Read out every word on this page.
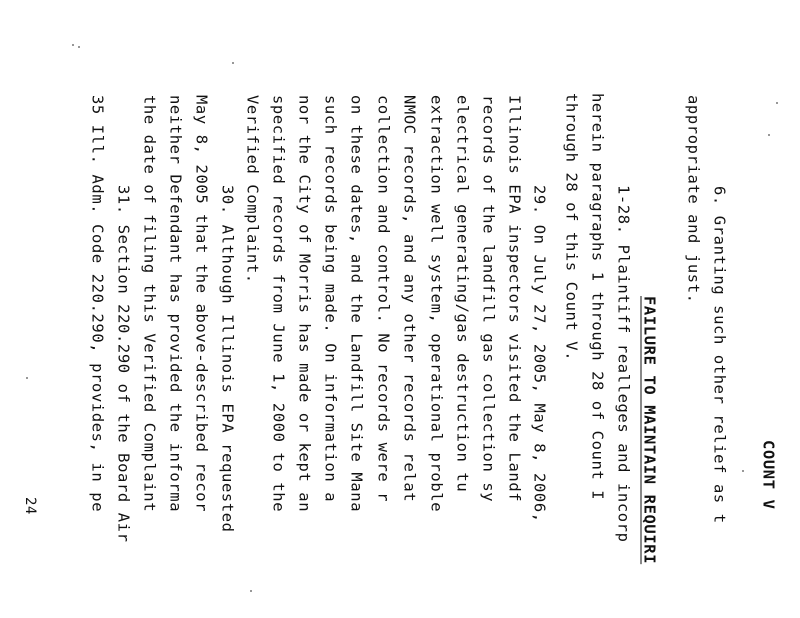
COUNT V
FAILURE TO MAINTAIN REQUIRI	6. Granting such other relief as t
appropriate and just.
1-28. Plaintiff realleges and incorp
herein paragraphs 1 through 28 of Count I
through 28 of this Count V.
29. On July 27, 2005, May 8, 2006,
Illinois EPA inspectors visited the Landf
records of the landfill gas collection sy
electrical generating/gas destruction tu
extraction well system, operational proble
NMOC records, and any other records relat
collection and control. No records were r
on these dates, and the Landfill Site Mana
such records being made. On information a
nor the City of Morris has made or kept an
specified records from June 1, 2000 to the
Verified Complaint.
30. Although Illinois EPA requested
May 8, 2005 that the above-described recor
neither Defendant has provided the informa
the date of filing this Verified Complaint
31. Section 220.290 of the Board Air
35 Ill. Adm. Code 220.290, provides, in pe
24
